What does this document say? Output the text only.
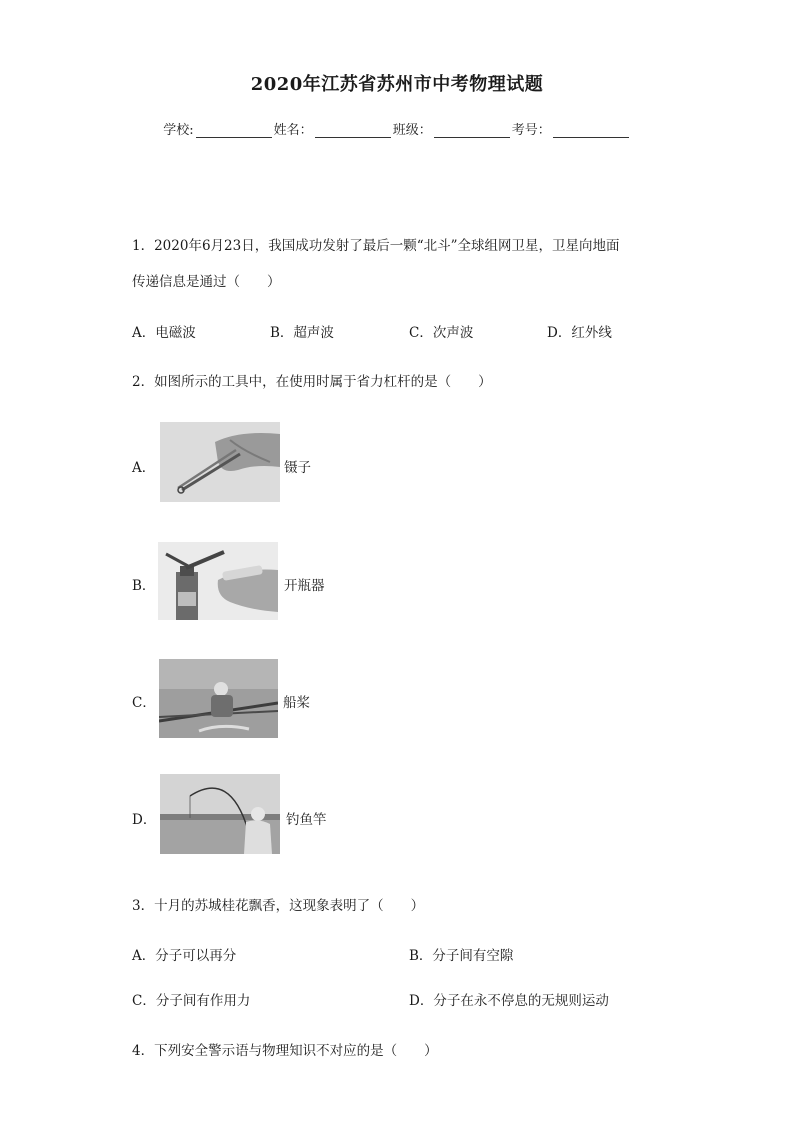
2020年江苏省苏州市中考物理试题
学校:	姓名：	班级：	考号：
1．2020年6月23日，我国成功发射了最后一颗“北斗”全球组网卫星，卫星向地面
传递信息是通过（　　）
A．电磁波	B．超声波	C．次声波	D．红外线
2．如图所示的工具中，在使用时属于省力杠杆的是（　　）
A．	镊子
B．	开瓶器
C．	船桨
D．	钓鱼竿
3．十月的苏城桂花飘香，这现象表明了（　　）
A．分子可以再分	B．分子间有空隙
C．分子间有作用力	D．分子在永不停息的无规则运动
4．下列安全警示语与物理知识不对应的是（　　）
